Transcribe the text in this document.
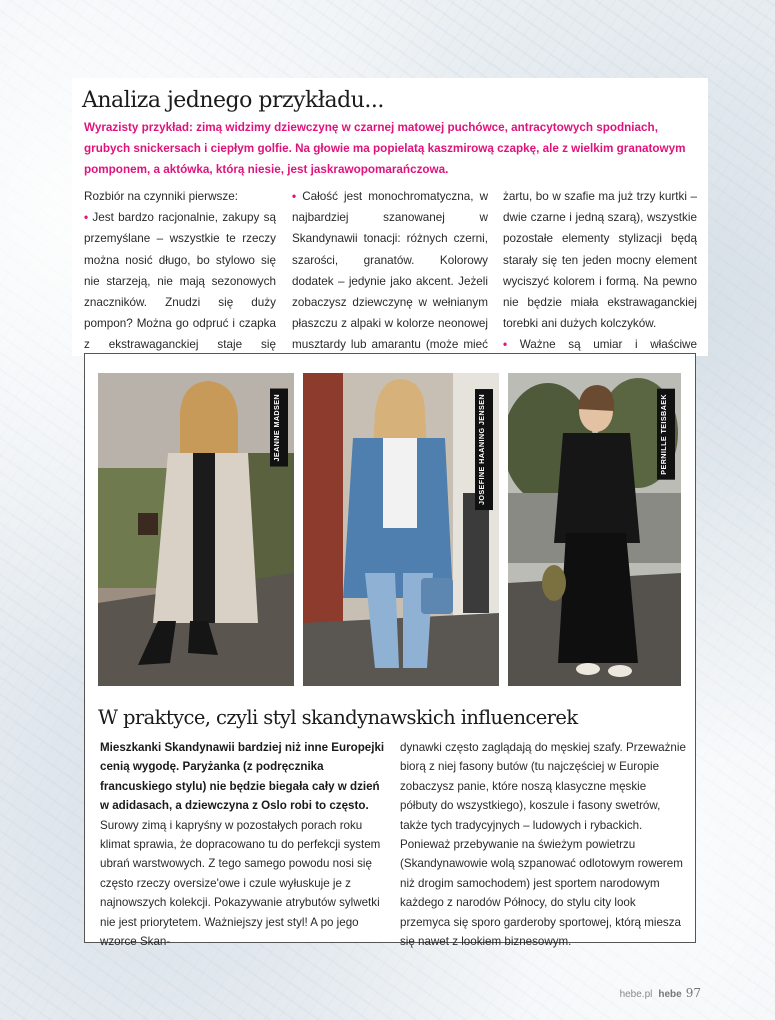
Analiza jednego przykładu...

Wyrazisty przykład: zimą widzimy dziewczynę w czarnej matowej puchówce, antracytowych spodniach, grubych snickersach i ciepłym golfie. Na głowie ma popielatą kaszmirową czapkę, ale z wielkim granatowym pomponem, a aktówka, którą niesie, jest jaskrawopomarańczowa.

Rozbiór na czynniki pierwsze:

• Jest bardzo racjonalnie, zakupy są przemyślane – wszystkie te rzeczy można nosić długo, bo stylowo się nie starzeją, nie mają sezonowych znaczników. Znudzi się duży pompon? Można go odpruć i czapka z ekstrawaganckiej staje się

• Całość jest monochromatyczna, w najbardziej szanowanej w Skandynawii tonacji: różnych czerni, szarości, granatów. Kolorowy dodatek – jedynie jako akcent. Jeżeli zobaczysz dziewczynę w wełnianym płaszczu z alpaki w kolorze neonowej musztardy lub amarantu (może mieć

żartu, bo w szafie ma już trzy kurtki – dwie czarne i jedną szarą), wszystkie pozostałe elementy stylizacji będą starały się ten jeden mocny element wyciszyć kolorem i formą. Na pewno nie będzie miała ekstrawaganckiej torebki ani dużych kolczyków.

• Ważne są umiar i właściwe

JEANNE MADSEN	JOSEFINE HAANING JENSEN	PERNILLE TEISBAEK
W praktyce, czyli styl skandynawskich influencerek

Mieszkanki Skandynawii bardziej niż inne Europejki cenią wygodę. Paryżanka (z podręcznika francuskiego stylu) nie będzie biegała cały w dzień w adidasach, a dziewczyna z Oslo robi to często.

Surowy zimą i kapryśny w pozostałych porach roku klimat sprawia, że dopracowano tu do perfekcji system ubrań warstwowych. Z tego samego powodu nosi się często rzeczy oversize'owe i czule wyłuskuje je z najnowszych kolekcji. Pokazywanie atrybutów sylwetki nie jest priorytetem. Ważniejszy jest styl! A po jego wzorce Skan-

dynawki często zaglądają do męskiej szafy. Przeważnie biorą z niej fasony butów (tu najczęściej w Europie zobaczysz panie, które noszą klasyczne męskie półbuty do wszystkiego), koszule i fasony swetrów, także tych tradycyjnych – ludowych i rybackich. Ponieważ przebywanie na świeżym powietrzu (Skandynawowie wolą szpanować odlotowym rowerem niż drogim samochodem) jest sportem narodowym każdego z narodów Północy, do stylu city look przemyca się sporo garderoby sportowej, którą miesza się nawet z lookiem biznesowym.

hebe.pl hebe 97
